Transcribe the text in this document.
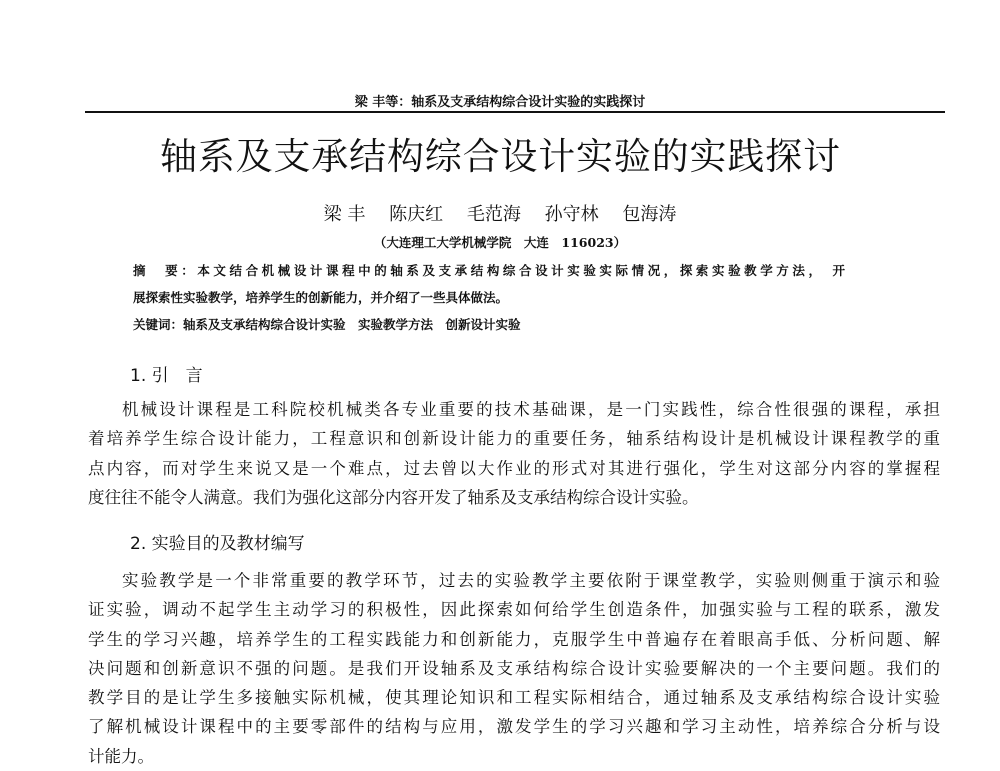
梁 丰等：轴系及支承结构综合设计实验的实践探讨
轴系及支承结构综合设计实验的实践探讨
梁 丰 陈庆红 毛范海 孙守林 包海涛
（大连理工大学机械学院　大连　116023）
摘　要：本文结合机械设计课程中的轴系及支承结构综合设计实验实际情况，探索实验教学方法， 开
展探索性实验教学，培养学生的创新能力，并介绍了一些具体做法。
关键词：轴系及支承结构综合设计实验　实验教学方法　创新设计实验
1. 引　言
机械设计课程是工科院校机械类各专业重要的技术基础课，是一门实践性，综合性很强的课程，承担
着培养学生综合设计能力，工程意识和创新设计能力的重要任务，轴系结构设计是机械设计课程教学的重
点内容，而对学生来说又是一个难点，过去曾以大作业的形式对其进行强化，学生对这部分内容的掌握程
度往往不能令人满意。我们为强化这部分内容开发了轴系及支承结构综合设计实验。
2. 实验目的及教材编写
实验教学是一个非常重要的教学环节，过去的实验教学主要依附于课堂教学，实验则侧重于演示和验
证实验，调动不起学生主动学习的积极性，因此探索如何给学生创造条件，加强实验与工程的联系，激发
学生的学习兴趣，培养学生的工程实践能力和创新能力，克服学生中普遍存在着眼高手低、分析问题、解
决问题和创新意识不强的问题。是我们开设轴系及支承结构综合设计实验要解决的一个主要问题。我们的
教学目的是让学生多接触实际机械，使其理论知识和工程实际相结合，通过轴系及支承结构综合设计实验
了解机械设计课程中的主要零部件的结构与应用，激发学生的学习兴趣和学习主动性，培养综合分析与设
计能力。
